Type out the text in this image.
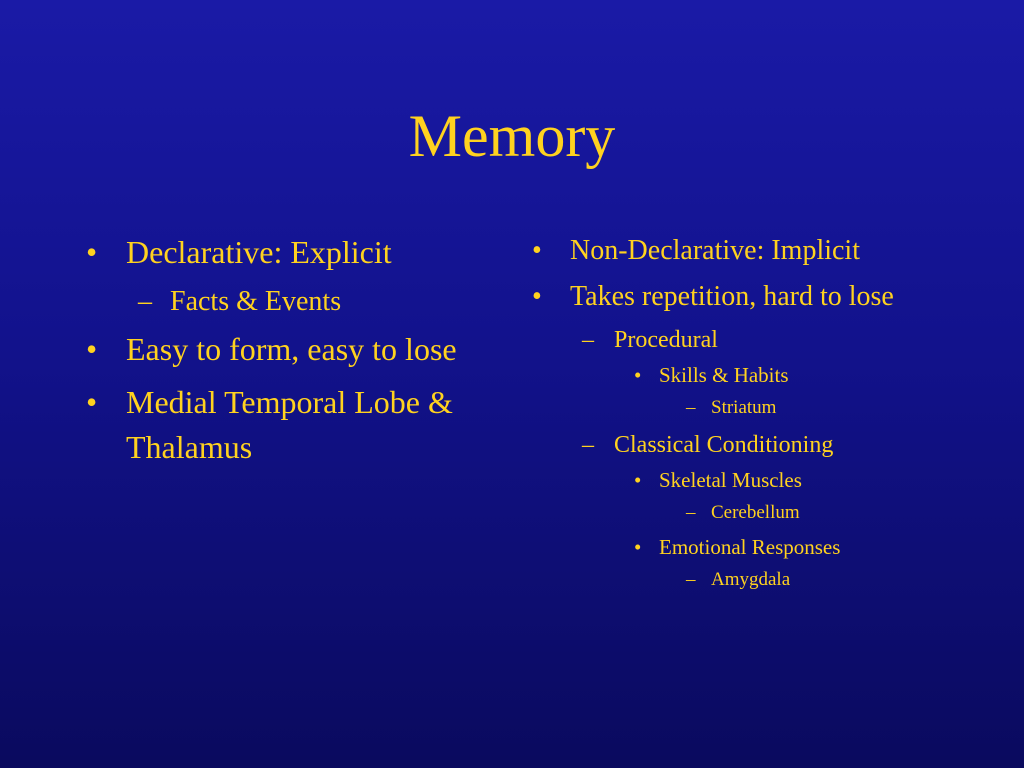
Memory
• Declarative: Explicit
– Facts & Events
• Easy to form, easy to lose
• Medial Temporal Lobe & Thalamus
• Non-Declarative: Implicit
• Takes repetition, hard to lose
– Procedural
• Skills & Habits
– Striatum
– Classical Conditioning
• Skeletal Muscles
– Cerebellum
• Emotional Responses
– Amygdala
